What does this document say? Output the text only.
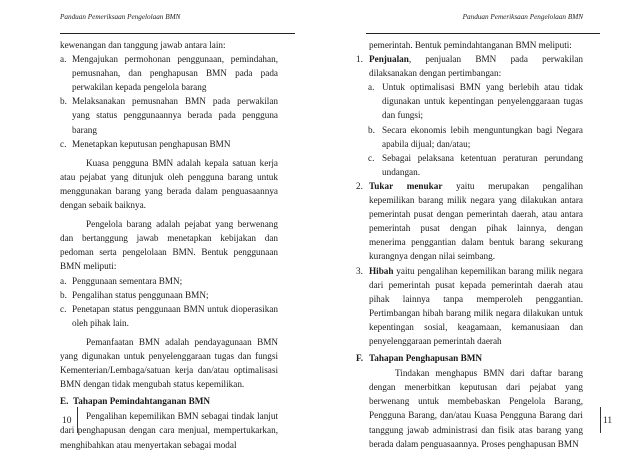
Panduan Pemeriksaan Pengelolaan BMN

kewenangan dan tanggung jawab antara lain:

a. Mengajukan permohonan penggunaan, pemindahan, pemusnahan, dan penghapusan BMN pada pada perwakilan kepada pengelola barang
b. Melaksanakan pemusnahan BMN pada perwakilan yang status penggunaannya berada pada pengguna barang
c. Menetapkan keputusan penghapusan BMN

Kuasa pengguna BMN adalah kepala satuan kerja atau pejabat yang ditunjuk oleh pengguna barang untuk menggunakan barang yang berada dalam penguasaannya dengan sebaik baiknya.

Pengelola barang adalah pejabat yang berwenang dan bertanggung jawab menetapkan kebijakan dan pedoman serta pengelolaan BMN. Bentuk penggunaan BMN meliputi:

a. Penggunaan sementara BMN;
b. Pengalihan status penggunaan BMN;
c. Penetapan status penggunaan BMN untuk dioperasikan oleh pihak lain.

Pemanfaatan BMN adalah pendayagunaan BMN yang digunakan untuk penyelenggaraan tugas dan fungsi Kementerian/Lembaga/satuan kerja dan/atau optimalisasi BMN dengan tidak mengubah status kepemilikan.

E. Tahapan Pemindahtanganan BMN

Pengalihan kepemilikan BMN sebagai tindak lanjut dari penghapusan dengan cara menjual, mempertukarkan, menghibahkan atau menyertakan sebagai modal

10
Panduan Pemeriksaan Pengelolaan BMN

pemerintah. Bentuk pemindahtanganan BMN meliputi:

1. Penjualan, penjualan BMN pada perwakilan dilaksanakan dengan pertimbangan:
a. Untuk optimalisasi BMN yang berlebih atau tidak digunakan untuk kepentingan penyelenggaraan tugas dan fungsi;
b. Secara ekonomis lebih menguntungkan bagi Negara apabila dijual; dan/atau;
c. Sebagai pelaksana ketentuan peraturan perundang undangan.
2. Tukar menukar yaitu merupakan pengalihan kepemilikan barang milik negara yang dilakukan antara pemerintah pusat dengan pemerintah daerah, atau antara pemerintah pusat dengan pihak lainnya, dengan menerima penggantian dalam bentuk barang sekurang kurangnya dengan nilai seimbang.
3. Hibah yaitu pengalihan kepemilikan barang milik negara dari pemerintah pusat kepada pemerintah daerah atau pihak lainnya tanpa memperoleh penggantian. Pertimbangan hibah barang milik negara dilakukan untuk kepentingan sosial, keagamaan, kemanusiaan dan penyelenggaraan pemerintah daerah
F. Tahapan Penghapusan BMN

Tindakan menghapus BMN dari daftar barang dengan menerbitkan keputusan dari pejabat yang berwenang untuk membebaskan Pengelola Barang, Pengguna Barang, dan/atau Kuasa Pengguna Barang dari tanggung jawab administrasi dan fisik atas barang yang berada dalam penguasaannya. Proses penghapusan BMN

11
